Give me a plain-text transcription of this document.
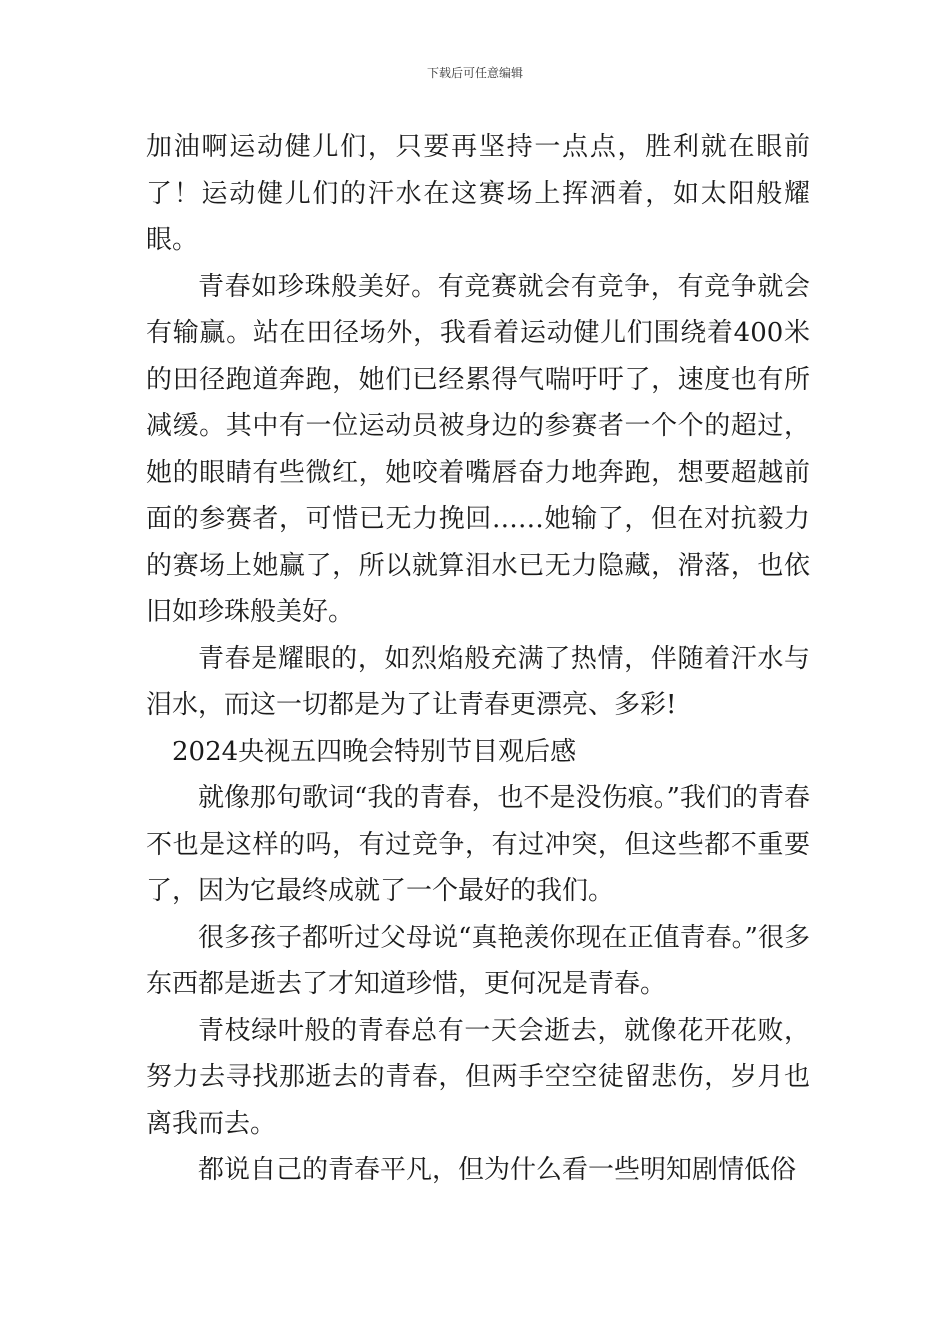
下载后可任意编辑

加油啊运动健儿们，只要再坚持一点点，胜利就在眼前了！运动健儿们的汗水在这赛场上挥洒着，如太阳般耀眼。

青春如珍珠般美好。有竞赛就会有竞争，有竞争就会有输赢。站在田径场外，我看着运动健儿们围绕着400米的田径跑道奔跑，她们已经累得气喘吁吁了，速度也有所减缓。其中有一位运动员被身边的参赛者一个个的超过，她的眼睛有些微红，她咬着嘴唇奋力地奔跑，想要超越前面的参赛者，可惜已无力挽回……她输了，但在对抗毅力的赛场上她赢了，所以就算泪水已无力隐藏，滑落，也依旧如珍珠般美好。

青春是耀眼的，如烈焰般充满了热情，伴随着汗水与泪水，而这一切都是为了让青春更漂亮、多彩!

2024央视五四晚会特别节目观后感

就像那句歌词“我的青春，也不是没伤痕。”我们的青春不也是这样的吗，有过竞争，有过冲突，但这些都不重要了，因为它最终成就了一个最好的我们。

很多孩子都听过父母说“真艳羡你现在正值青春。”很多东西都是逝去了才知道珍惜，更何况是青春。

青枝绿叶般的青春总有一天会逝去，就像花开花败，努力去寻找那逝去的青春，但两手空空徒留悲伤，岁月也离我而去。

都说自己的青春平凡，但为什么看一些明知剧情低俗
